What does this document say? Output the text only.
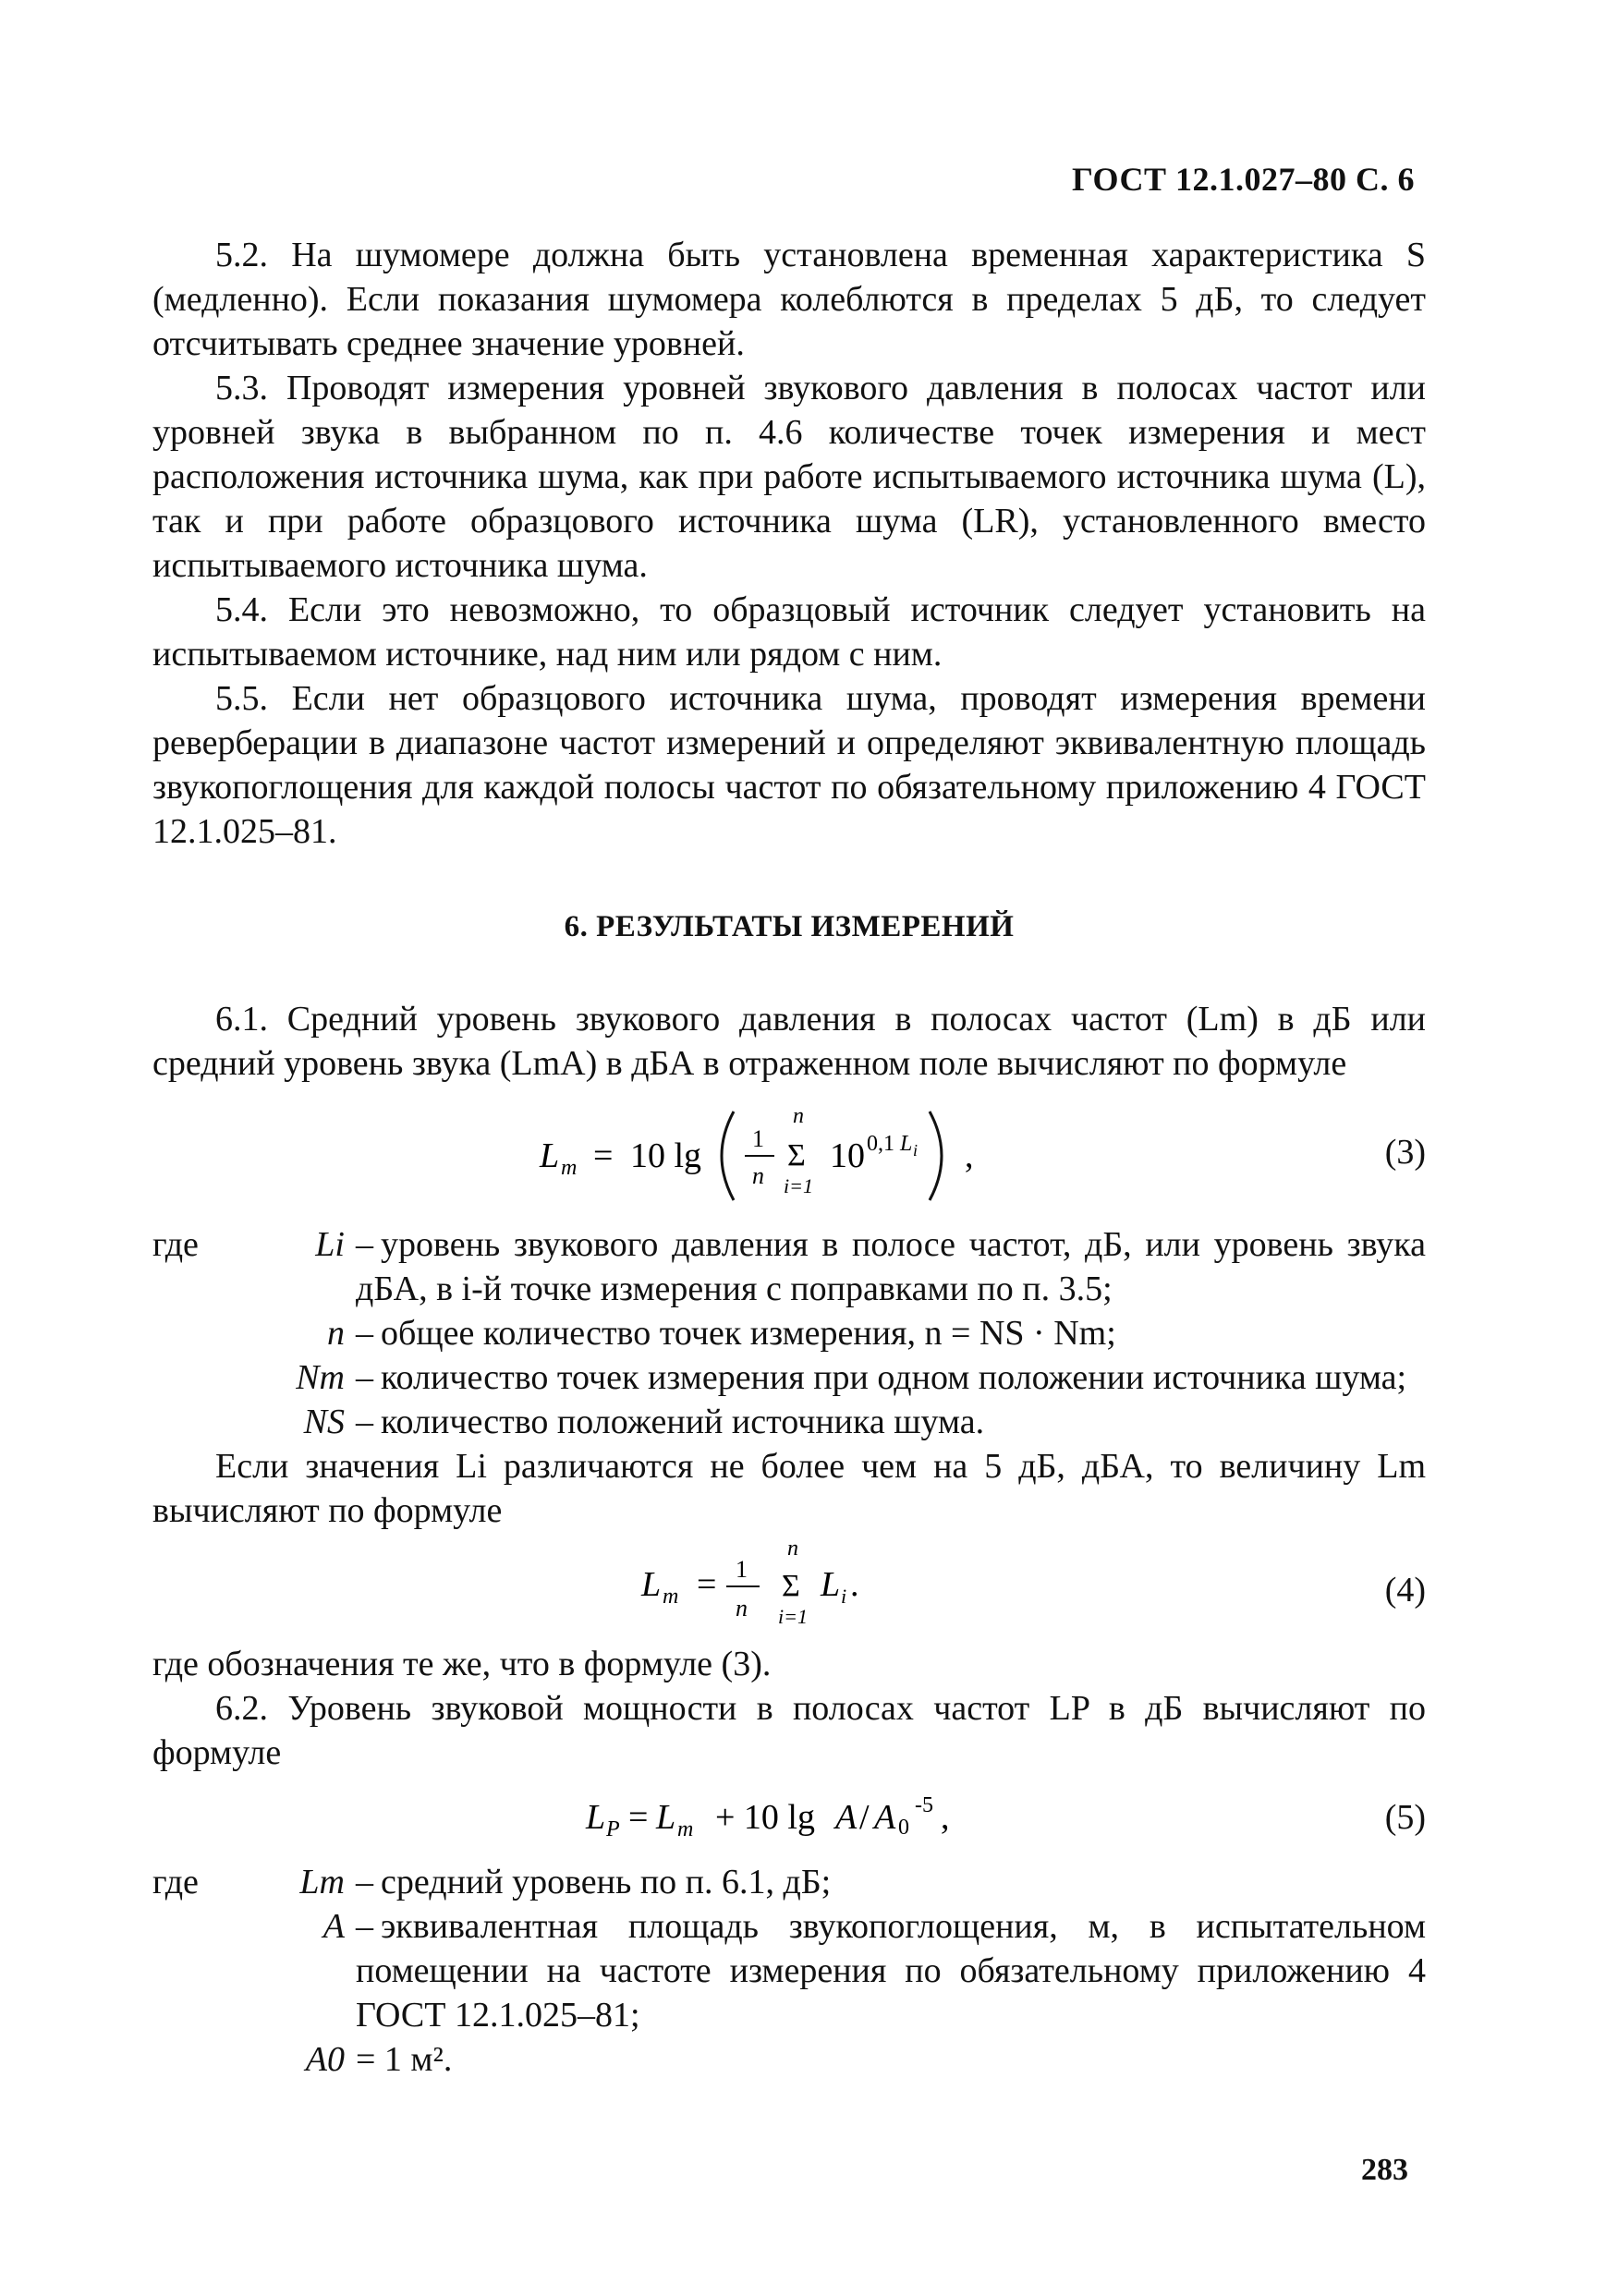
ГОСТ 12.1.027–80 С. 6

5.2. На шумомере должна быть установлена временная характеристика S (медленно). Если показания шумомера колеблются в пределах 5 дБ, то следует отсчитывать среднее значение уровней.

5.3. Проводят измерения уровней звукового давления в полосах частот или уровней звука в выбранном по п. 4.6 количестве точек измерения и мест расположения источника шума, как при работе испытываемого источника шума (L), так и при работе образцового источника шума (LR), установленного вместо испытываемого источника шума.

5.4. Если это невозможно, то образцовый источник следует установить на испытываемом источнике, над ним или рядом с ним.

5.5. Если нет образцового источника шума, проводят измерения времени реверберации в диапазоне частот измерений и определяют эквивалентную площадь звукопоглощения для каждой полосы частот по обязательному приложению 4 ГОСТ 12.1.025–81.

6. РЕЗУЛЬТАТЫ ИЗМЕРЕНИЙ

6.1. Средний уровень звукового давления в полосах частот (Lm) в дБ или средний уровень звука (LmA) в дБА в отраженном поле вычисляют по формуле

L m = 10 lg 1
n
n
Σ
i=1
10 0,1 L i ,	(3)
где	Li – уровень звукового давления в полосе частот, дБ, или уровень звука дБА, в i-й точке измерения с поправками по п. 3.5;
n – общее количество точек измерения, n = NS · Nm;
Nm – количество точек измерения при одном положении источника шума;
NS – количество положений источника шума.

Если значения Li различаются не более чем на 5 дБ, дБА, то величину Lm вычисляют по формуле

L m = 1
n
n
Σ
i=1
L i .	(4)

где обозначения те же, что в формуле (3).

6.2. Уровень звуковой мощности в полосах частот LP в дБ вычисляют по формуле

L P = L m + 10 lg A / A 0
-5 ,	(5)
где	Lm – средний уровень по п. 6.1, дБ;
A – эквивалентная площадь звукопоглощения, м, в испытательном помещении на частоте измерения по обязательному приложению 4 ГОСТ 12.1.025–81;
A0 = 1 м².
283
